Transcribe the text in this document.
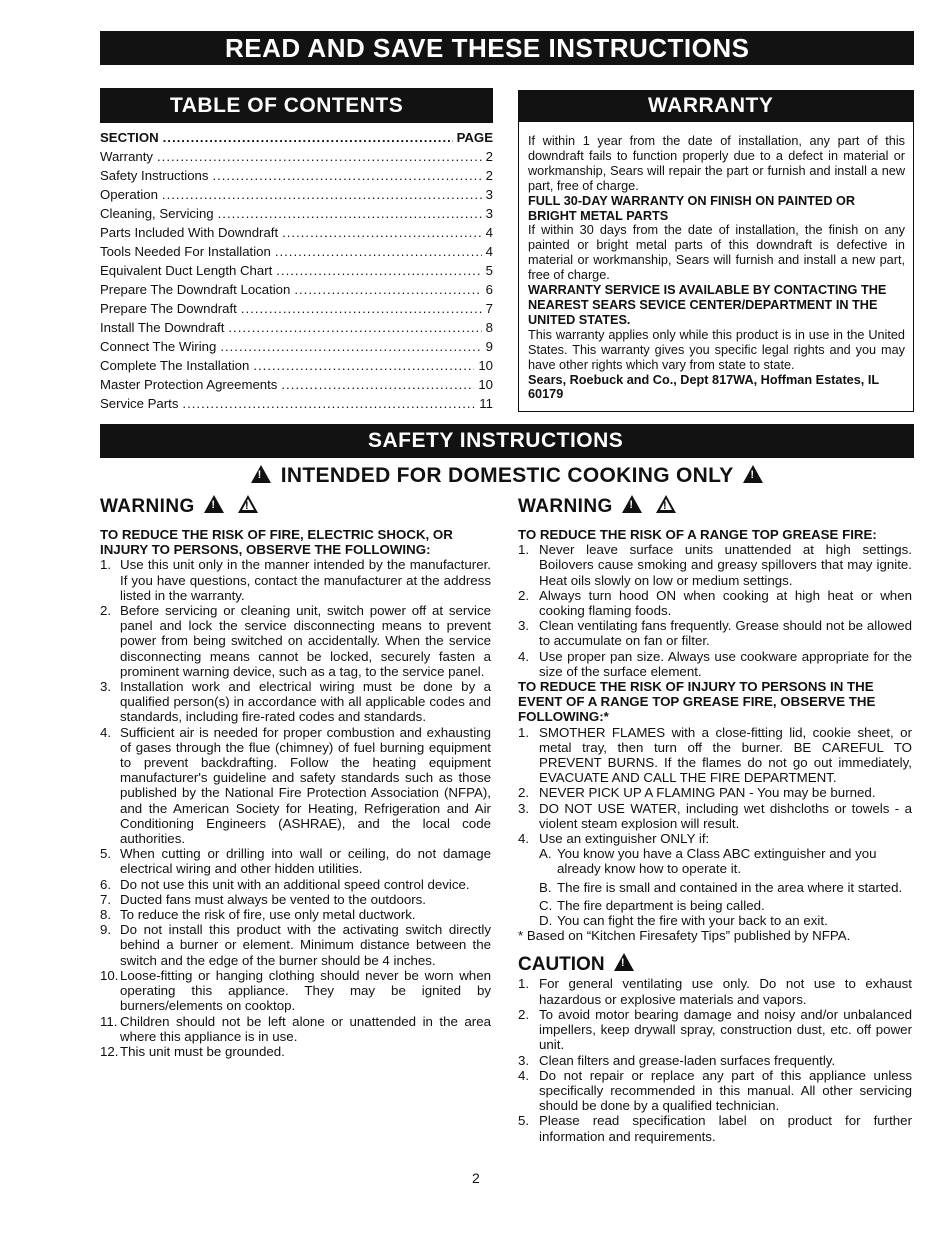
READ AND SAVE THESE INSTRUCTIONS
TABLE OF CONTENTS
SECTION .....	PAGE
Warranty .....	2
Safety Instructions .....	2
Operation .....	3
Cleaning, Servicing .....	3
Parts Included With Downdraft .....	4
Tools Needed For Installation .....	4
Equivalent Duct Length Chart .....	5
Prepare The Downdraft Location .....	6
Prepare The Downdraft .....	7
Install The Downdraft .....	8
Connect The Wiring .....	9
Complete The Installation .....	10
Master Protection Agreements .....	10
Service Parts .....	11
WARRANTY

If within 1 year from the date of installation, any part of this downdraft fails to function properly due to a defect in material or workmanship, Sears will repair the part or furnish and install a new part, free of charge.

FULL 30-DAY WARRANTY ON FINISH ON PAINTED OR BRIGHT METAL PARTS

If within 30 days from the date of installation, the finish on any painted or bright metal parts of this downdraft is defective in material or workmanship, Sears will furnish and install a new part, free of charge.

WARRANTY SERVICE IS AVAILABLE BY CONTACTING THE NEAREST SEARS SEVICE CENTER/DEPARTMENT IN THE UNITED STATES.

This warranty applies only while this product is in use in the United States. This warranty gives you specific legal rights and you may have other rights which vary from state to state.

Sears, Roebuck and Co., Dept 817WA, Hoffman Estates, IL 60179

SAFETY INSTRUCTIONS
! INTENDED FOR DOMESTIC COOKING ONLY !
WARNING ! !

TO REDUCE THE RISK OF FIRE, ELECTRIC SHOCK, OR INJURY TO PERSONS, OBSERVE THE FOLLOWING:

1. Use this unit only in the manner intended by the manufacturer. If you have questions, contact the manufacturer at the address listed in the warranty.
2. Before servicing or cleaning unit, switch power off at service panel and lock the service disconnecting means to prevent power from being switched on accidentally. When the service disconnecting means cannot be locked, securely fasten a prominent warning device, such as a tag, to the service panel.
3. Installation work and electrical wiring must be done by a qualified person(s) in accordance with all applicable codes and standards, including fire-rated codes and standards.
4. Sufficient air is needed for proper combustion and exhausting of gases through the flue (chimney) of fuel burning equipment to prevent backdrafting. Follow the heating equipment manufacturer's guideline and safety standards such as those published by the National Fire Protection Association (NFPA), and the American Society for Heating, Refrigeration and Air Conditioning Engineers (ASHRAE), and the local code authorities.
5. When cutting or drilling into wall or ceiling, do not damage electrical wiring and other hidden utilities.
6. Do not use this unit with an additional speed control device.
7. Ducted fans must always be vented to the outdoors.
8. To reduce the risk of fire, use only metal ductwork.
9. Do not install this product with the activating switch directly behind a burner or element. Minimum distance between the switch and the edge of the burner should be 4 inches.
10. Loose-fitting or hanging clothing should never be worn when operating this appliance. They may be ignited by burners/elements on cooktop.
11. Children should not be left alone or unattended in the area where this appliance is in use.
12. This unit must be grounded.
WARNING ! !

TO REDUCE THE RISK OF A RANGE TOP GREASE FIRE:

1. Never leave surface units unattended at high settings. Boilovers cause smoking and greasy spillovers that may ignite. Heat oils slowly on low or medium settings.
2. Always turn hood ON when cooking at high heat or when cooking flaming foods.
3. Clean ventilating fans frequently. Grease should not be allowed to accumulate on fan or filter.
4. Use proper pan size. Always use cookware appropriate for the size of the surface element.

TO REDUCE THE RISK OF INJURY TO PERSONS IN THE EVENT OF A RANGE TOP GREASE FIRE, OBSERVE THE FOLLOWING:*

1. SMOTHER FLAMES with a close-fitting lid, cookie sheet, or metal tray, then turn off the burner. BE CAREFUL TO PREVENT BURNS. If the flames do not go out immediately, EVACUATE AND CALL THE FIRE DEPARTMENT.
2. NEVER PICK UP A FLAMING PAN - You may be burned.
3. DO NOT USE WATER, including wet dishcloths or towels - a violent steam explosion will result.
4. Use an extinguisher ONLY if:
A. You know you have a Class ABC extinguisher and you already know how to operate it.
B. The fire is small and contained in the area where it started.
C. The fire department is being called.
D. You can fight the fire with your back to an exit.

* Based on “Kitchen Firesafety Tips” published by NFPA.

CAUTION !
1. For general ventilating use only. Do not use to exhaust hazardous or explosive materials and vapors.
2. To avoid motor bearing damage and noisy and/or unbalanced impellers, keep drywall spray, construction dust, etc. off power unit.
3. Clean filters and grease-laden surfaces frequently.
4. Do not repair or replace any part of this appliance unless specifically recommended in this manual. All other servicing should be done by a qualified technician.
5. Please read specification label on product for further information and requirements.
2
